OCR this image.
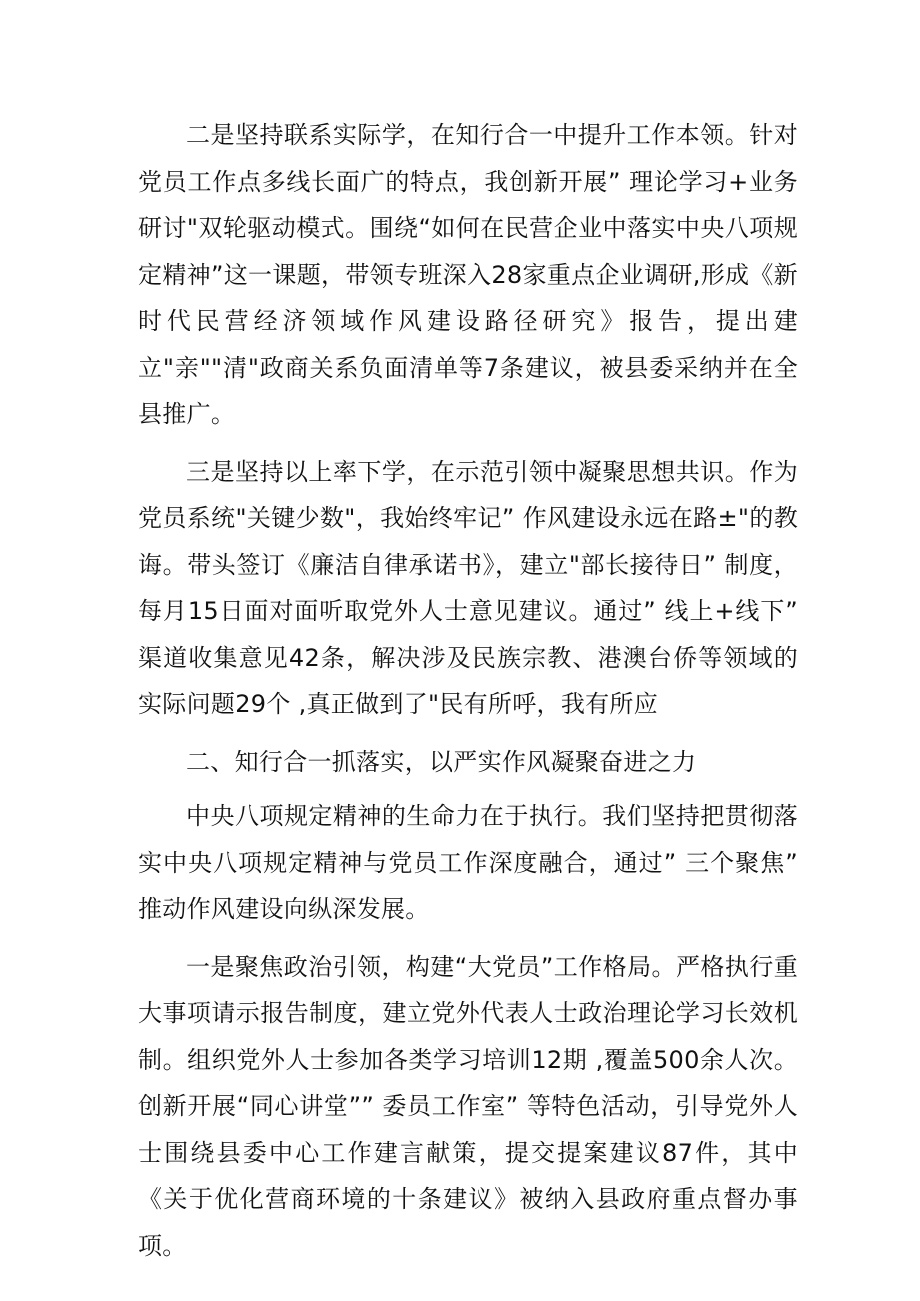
二是坚持联系实际学，在知行合一中提升工作本领。针对党员工作点多线长面广的特点，我创新开展” 理论学习+业务研讨"双轮驱动模式。围绕“如何在民营企业中落实中央八项规定精神”这一课题，带领专班深入28家重点企业调研,形成《新时代民营经济领域作风建设路径研究》报告，提出建立"亲""清"政商关系负面清单等7条建议，被县委采纳并在全县推广。

三是坚持以上率下学，在示范引领中凝聚思想共识。作为党员系统"关键少数"，我始终牢记” 作风建设永远在路±"的教诲。带头签订《廉洁自律承诺书》，建立"部长接待日” 制度，每月15日面对面听取党外人士意见建议。通过” 线上+线下” 渠道收集意见42条，解决涉及民族宗教、港澳台侨等领域的实际问题29个 ,真正做到了"民有所呼，我有所应

二、知行合一抓落实，以严实作风凝聚奋进之力

中央八项规定精神的生命力在于执行。我们坚持把贯彻落实中央八项规定精神与党员工作深度融合，通过” 三个聚焦” 推动作风建设向纵深发展。

一是聚焦政治引领，构建“大党员”工作格局。严格执行重大事项请示报告制度，建立党外代表人士政治理论学习长效机制。组织党外人士参加各类学习培训12期 ,覆盖500余人次。创新开展“同心讲堂”” 委员工作室” 等特色活动，引导党外人士围绕县委中心工作建言献策，提交提案建议87件，其中《关于优化营商环境的十条建议》被纳入县政府重点督办事项。
